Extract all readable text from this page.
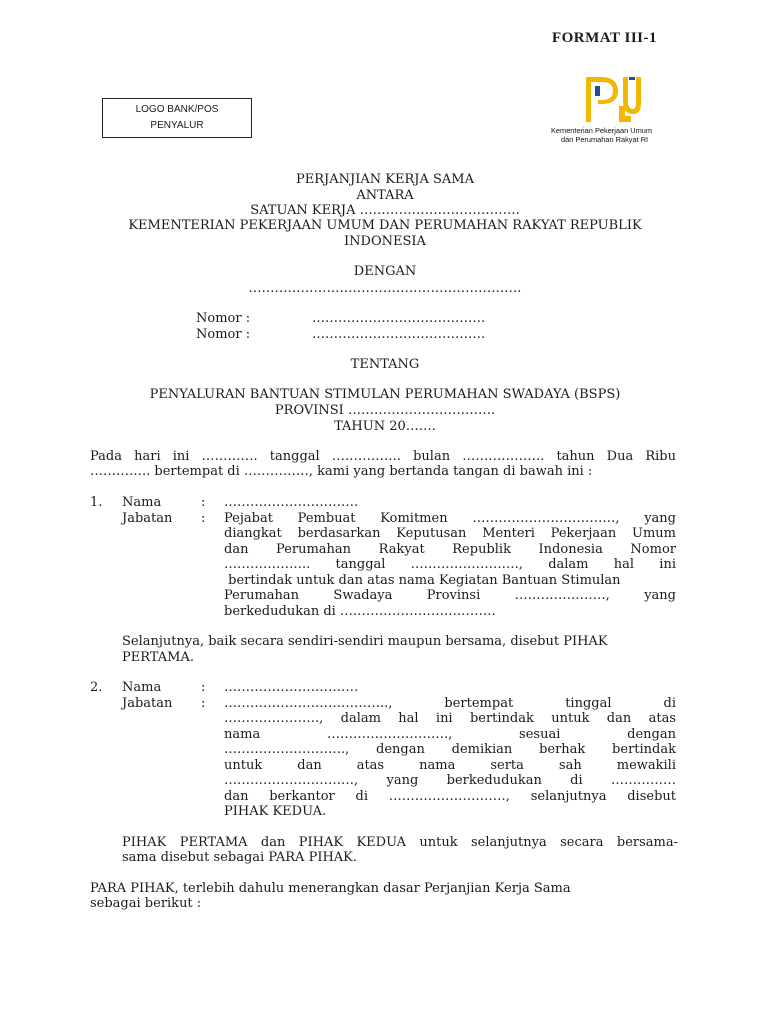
FORMAT III-1
LOGO BANK/POS
PENYALUR	Kementerian Pekerjaan Umum
dan Perumahan Rakyat RI
PERJANJIAN KERJA SAMA
ANTARA
SATUAN KERJA ……………………………….
KEMENTERIAN PEKERJAAN UMUM DAN PERUMAHAN RAKYAT REPUBLIK
INDONESIA
DENGAN
………………………………………………………
Nomor :	………………………………….
Nomor :	………………………………….
TENTANG
PENYALURAN BANTUAN STIMULAN PERUMAHAN SWADAYA (BSPS)
PROVINSI …………………………….
TAHUN 20…….
Pada hari ini …………. tanggal ……………. bulan ………………. tahun Dua Ribu
………….. bertempat di ……………, kami yang bertanda tangan di bawah ini :
1. Nama	: ………………………….
Jabatan : Pejabat Pembuat Komitmen ……………………………, yang
diangkat berdasarkan Keputusan Menteri Pekerjaan Umum
dan Perumahan Rakyat Republik Indonesia Nomor
……………….. tanggal ……………………., dalam hal ini
bertindak untuk dan atas nama Kegiatan Bantuan Stimulan
Perumahan Swadaya Provinsi …………………, yang
berkedudukan di ………………………………
Selanjutnya, baik secara sendiri-sendiri maupun bersama, disebut PIHAK
PERTAMA.
2. Nama	: ………………………….
Jabatan : ……………………………….., bertempat tinggal di
…………………., dalam hal ini bertindak untuk dan atas
nama ………………………., sesuai dengan
………………………., dengan demikian berhak bertindak
untuk dan atas nama serta sah mewakili
…………………………, yang berkedudukan di ……………
dan berkantor di ………………………, selanjutnya disebut
PIHAK KEDUA.
PIHAK PERTAMA dan PIHAK KEDUA untuk selanjutnya secara bersama-
sama disebut sebagai PARA PIHAK.
PARA PIHAK, terlebih dahulu menerangkan dasar Perjanjian Kerja Sama
sebagai berikut :
